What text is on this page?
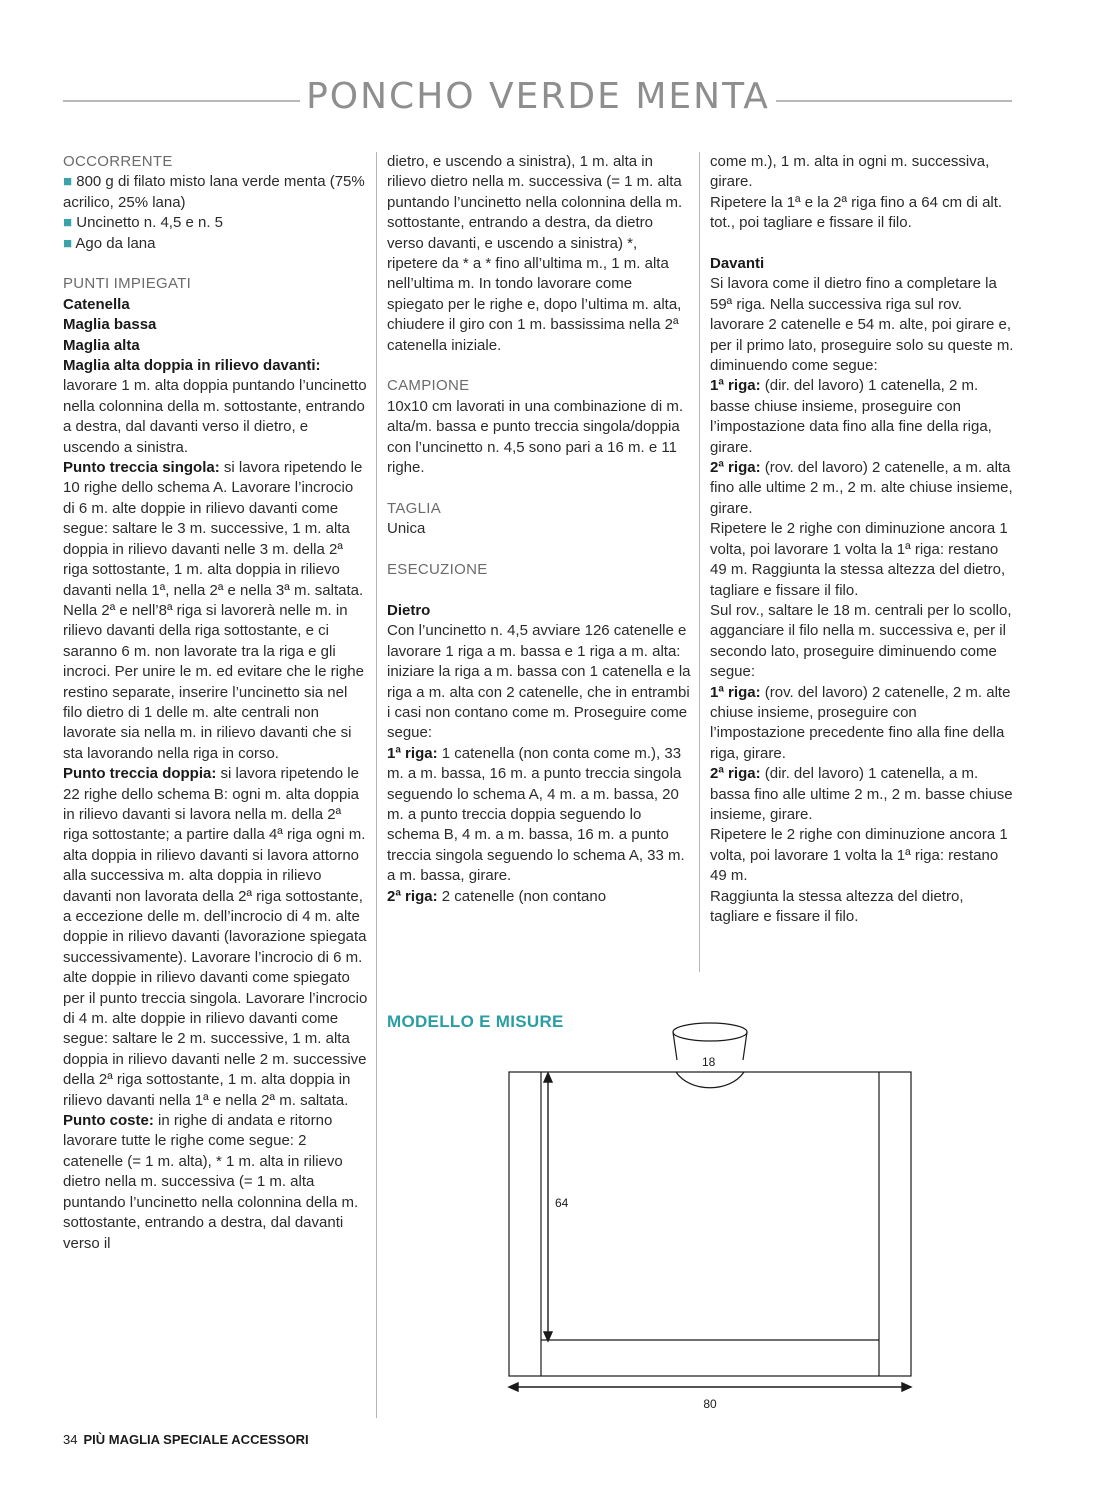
PONCHO VERDE MENTA

OCCORRENTE

■ 800 g di filato misto lana verde menta (75% acrilico, 25% lana)

■ Uncinetto n. 4,5 e n. 5

■ Ago da lana

PUNTI IMPIEGATI

Catenella

Maglia bassa

Maglia alta

Maglia alta doppia in rilievo davanti: lavorare 1 m. alta doppia puntando l’uncinetto nella colonnina della m. sottostante, entrando a destra, dal davanti verso il dietro, e uscendo a sinistra.

Punto treccia singola: si lavora ripetendo le 10 righe dello schema A. Lavorare l’incrocio di 6 m. alte doppie in rilievo davanti come segue: saltare le 3 m. successive, 1 m. alta doppia in rilievo davanti nelle 3 m. della 2ª riga sottostante, 1 m. alta doppia in rilievo davanti nella 1ª, nella 2ª e nella 3ª m. saltata. Nella 2ª e nell’8ª riga si lavorerà nelle m. in rilievo davanti della riga sottostante, e ci saranno 6 m. non lavorate tra la riga e gli incroci. Per unire le m. ed evitare che le righe restino separate, inserire l’uncinetto sia nel filo dietro di 1 delle m. alte centrali non lavorate sia nella m. in rilievo davanti che si sta lavorando nella riga in corso.

Punto treccia doppia: si lavora ripetendo le 22 righe dello schema B: ogni m. alta doppia in rilievo davanti si lavora nella m. della 2ª riga sottostante; a partire dalla 4ª riga ogni m. alta doppia in rilievo davanti si lavora attorno alla successiva m. alta doppia in rilievo davanti non lavorata della 2ª riga sottostante, a eccezione delle m. dell’incrocio di 4 m. alte doppie in rilievo davanti (lavorazione spiegata successivamente). Lavorare l’incrocio di 6 m. alte doppie in rilievo davanti come spiegato per il punto treccia singola. Lavorare l’incrocio di 4 m. alte doppie in rilievo davanti come segue: saltare le 2 m. successive, 1 m. alta doppia in rilievo davanti nelle 2 m. successive della 2ª riga sottostante, 1 m. alta doppia in rilievo davanti nella 1ª e nella 2ª m. saltata.

Punto coste: in righe di andata e ritorno lavorare tutte le righe come segue: 2 catenelle (= 1 m. alta), * 1 m. alta in rilievo dietro nella m. successiva (= 1 m. alta puntando l’uncinetto nella colonnina della m. sottostante, entrando a destra, dal davanti verso il

dietro, e uscendo a sinistra), 1 m. alta in rilievo dietro nella m. successiva (= 1 m. alta puntando l’uncinetto nella colonnina della m. sottostante, entrando a destra, da dietro verso davanti, e uscendo a sinistra) *, ripetere da * a * fino all’ultima m., 1 m. alta nell’ultima m. In tondo lavorare come spiegato per le righe e, dopo l’ultima m. alta, chiudere il giro con 1 m. bassissima nella 2ª catenella iniziale.

CAMPIONE

10x10 cm lavorati in una combinazione di m. alta/m. bassa e punto treccia singola/doppia con l’uncinetto n. 4,5 sono pari a 16 m. e 11 righe.

TAGLIA

Unica

ESECUZIONE

Dietro

Con l’uncinetto n. 4,5 avviare 126 catenelle e lavorare 1 riga a m. bassa e 1 riga a m. alta: iniziare la riga a m. bassa con 1 catenella e la riga a m. alta con 2 catenelle, che in entrambi i casi non contano come m. Proseguire come segue:

1ª riga: 1 catenella (non conta come m.), 33 m. a m. bassa, 16 m. a punto treccia singola seguendo lo schema A, 4 m. a m. bassa, 20 m. a punto treccia doppia seguendo lo schema B, 4 m. a m. bassa, 16 m. a punto treccia singola seguendo lo schema A, 33 m. a m. bassa, girare.

2ª riga: 2 catenelle (non contano

come m.), 1 m. alta in ogni m. successiva, girare.

Ripetere la 1ª e la 2ª riga fino a 64 cm di alt. tot., poi tagliare e fissare il filo.

Davanti

Si lavora come il dietro fino a completare la 59ª riga. Nella successiva riga sul rov. lavorare 2 catenelle e 54 m. alte, poi girare e, per il primo lato, proseguire solo su queste m. diminuendo come segue:

1ª riga: (dir. del lavoro) 1 catenella, 2 m. basse chiuse insieme, proseguire con l’impostazione data fino alla fine della riga, girare.

2ª riga: (rov. del lavoro) 2 catenelle, a m. alta fino alle ultime 2 m., 2 m. alte chiuse insieme, girare.

Ripetere le 2 righe con diminuzione ancora 1 volta, poi lavorare 1 volta la 1ª riga: restano 49 m. Raggiunta la stessa altezza del dietro, tagliare e fissare il filo.

Sul rov., saltare le 18 m. centrali per lo scollo, agganciare il filo nella m. successiva e, per il secondo lato, proseguire diminuendo come segue:

1ª riga: (rov. del lavoro) 2 catenelle, 2 m. alte chiuse insieme, proseguire con l’impostazione precedente fino alla fine della riga, girare.

2ª riga: (dir. del lavoro) 1 catenella, a m. bassa fino alle ultime 2 m., 2 m. basse chiuse insieme, girare.

Ripetere le 2 righe con diminuzione ancora 1 volta, poi lavorare 1 volta la 1ª riga: restano 49 m.

Raggiunta la stessa altezza del dietro, tagliare e fissare il filo.

MODELLO E MISURE
18
64
80
34 PIÙ MAGLIA SPECIALE ACCESSORI
